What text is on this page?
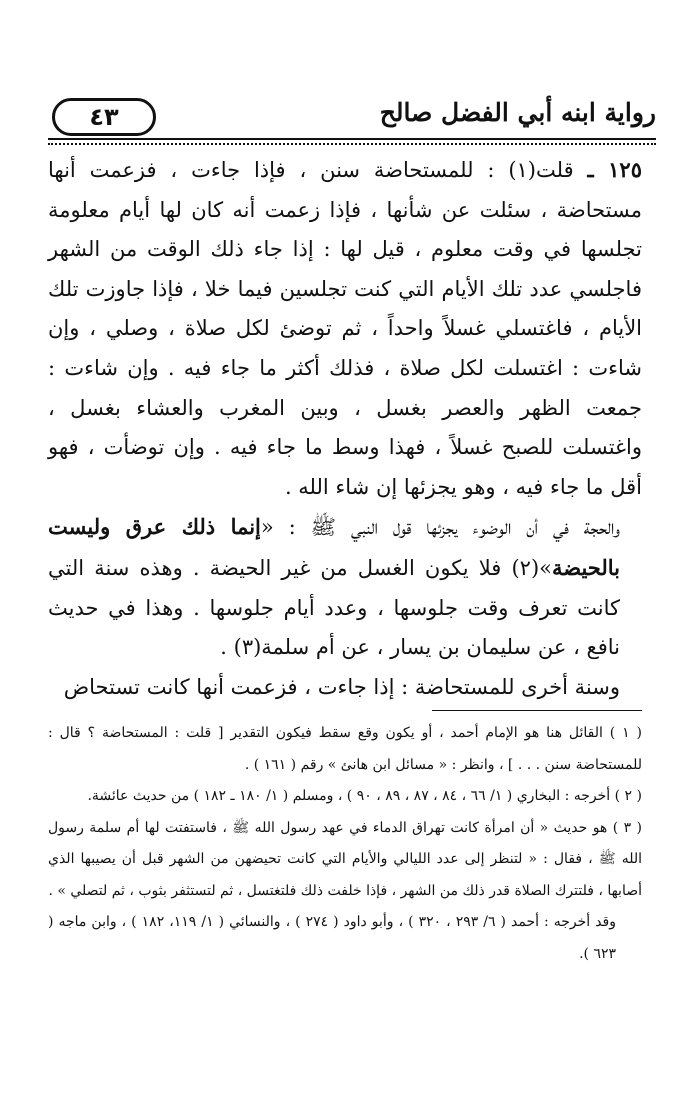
٤٣	رواية ابنه أبي الفضل صالح

١٢٥ ـ قلت(١) : للمستحاضة سنن ، فإذا جاءت ، فزعمت أنها مستحاضة ، سئلت عن شأنها ، فإذا زعمت أنه كان لها أيام معلومة تجلسها في وقت معلوم ، قيل لها : إذا جاء ذلك الوقت من الشهر فاجلسي عدد تلك الأيام التي كنت تجلسين فيما خلا ، فإذا جاوزت تلك الأيام ، فاغتسلي غسلاً واحداً ، ثم توضئ لكل صلاة ، وصلي ، وإن شاءت : اغتسلت لكل صلاة ، فذلك أكثر ما جاء فيه . وإن شاءت : جمعت الظهر والعصر بغسل ، وبين المغرب والعشاء بغسل ، واغتسلت للصبح غسلاً ، فهذا وسط ما جاء فيه . وإن توضأت ، فهو أقل ما جاء فيه ، وهو يجزئها إن شاء الله .

والحجة في أن الوضوء يجزئها قول النبي ﷺ : «إنما ذلك عرق وليست بالحيضة»(٢) فلا يكون الغسل من غير الحيضة . وهذه سنة التي كانت تعرف وقت جلوسها ، وعدد أيام جلوسها . وهذا في حديث نافع ، عن سليمان بن يسار ، عن أم سلمة(٣) .

وسنة أخرى للمستحاضة : إذا جاءت ، فزعمت أنها كانت تستحاض

( ١ ) القائل هنا هو الإمام أحمد ، أو يكون وقع سقط فيكون التقدير [ قلت : المستحاضة ؟ قال : للمستحاضة سنن . . . ] ، وانظر : « مسائل ابن هانئ » رقم ( ١٦١ ) .

( ٢ ) أخرجه : البخاري ( ١/ ٦٦ ، ٨٤ ، ٨٧ ، ٨٩ ، ٩٠ ) ، ومسلم ( ١/ ١٨٠ ـ ١٨٢ ) من حديث عائشة.

( ٣ ) هو حديث « أن امرأة كانت تهراق الدماء في عهد رسول الله ﷺ ، فاستفتت لها أم سلمة رسول الله ﷺ ، فقال : « لتنظر إلى عدد الليالي والأيام التي كانت تحيضهن من الشهر قبل أن يصيبها الذي أصابها ، فلتترك الصلاة قدر ذلك من الشهر ، فإذا خلفت ذلك فلتغتسل ، ثم لتستثفر بثوب ، ثم لتصلي » .

وقد أخرجه : أحمد ( ٦/ ٢٩٣ ، ٣٢٠ ) ، وأبو داود ( ٢٧٤ ) ، والنسائي ( ١/ ١١٩، ١٨٢ ) ، وابن ماجه ( ٦٢٣ ).
